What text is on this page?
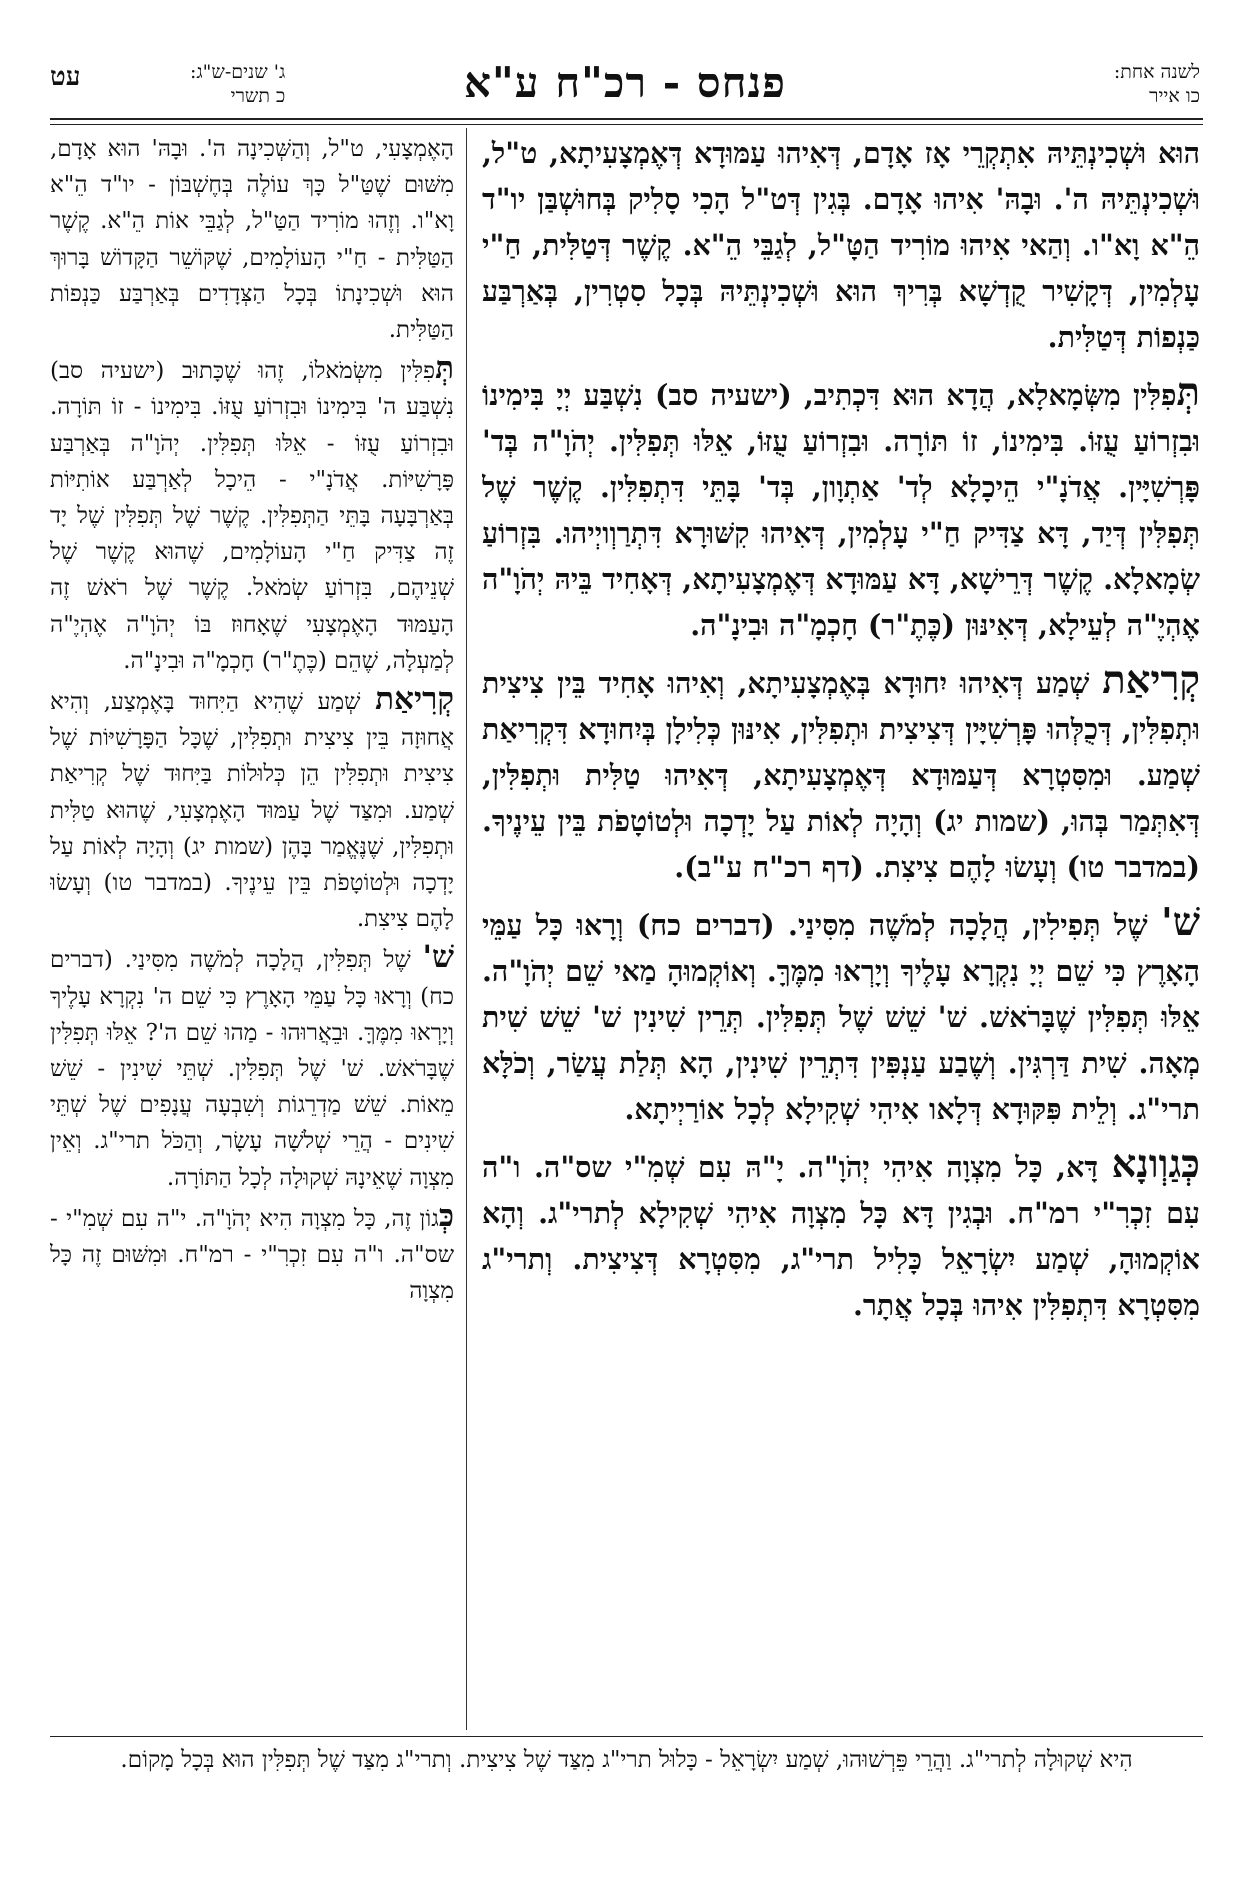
עט	ג' שנים-ש"ג:
כ תשרי	פנחס - רכ"ח ע"א	לשנה אחת:
כו אייר

הוּא וּשְׁכִינְתֵּיהּ אִתְקְרֵי אָז אָדָם, דְּאִיהוּ עַמּוּדָא דְּאֶמְצָעִיתָא, ט"ל, וּשְׁכִינְתֵּיהּ ה'. וּבָהּ' אִיהוּ אָדָם. בְּגִין דְּט"ל הָכִי סָלִיק בְּחוּשְׁבַּן יו"ד הֵ"א וָא"ו. וְהַאי אִיהוּ מוֹרִיד הַטָּ"ל, לְגַבֵּי הֵ"א. קֶשֶׁר דְּטַלִּית, חַ"י עָלְמִין, דְּקָשִׁיר קֻדְשָׁא בְּרִיךְ הוּא וּשְׁכִינְתֵּיהּ בְּכָל סִטְרִין, בְּאַרְבַּע כַּנְפוֹת דְּטַלִּית.

תְּפִלִּין מִשְּׂמָאלָא, הֲדָא הוּא דִּכְתִיב, (ישעיה סב) נִשְׁבַּע יְיָ בִּימִינוֹ וּבִזְרוֹעַ עֻזּוֹ. בִּימִינוֹ, זוֹ תּוֹרָה. וּבִזְרוֹעַ עֻזּוֹ, אֵלּוּ תְּפִלִּין. יְהֹוָ"ה בְּד' פָּרְשִׁיָּין. אֲדֹנָ"י הֵיכָלָא לְד' אַתְוָון, בְּד' בָּתֵּי דִּתְפִלִּין. קֶשֶׁר שֶׁל תְּפִלִּין דְּיַד, דָּא צַדִּיק חַ"י עָלְמִין, דְּאִיהוּ קִשּׁוּרָא דִּתְרַוְויְיהוּ. בִּזְרוֹעַ שְׂמָאלָא. קֶשֶׁר דְּרֵישָׁא, דָּא עַמּוּדָא דְּאֶמְצָעִיתָא, דְּאָחִיד בֵּיהּ יְהֹוָ"ה אֶהְיֶ"ה לְעֵילָא, דְּאִינּוּן (כֶּתֶ"ר) חָכְמָ"ה וּבִינָ"ה.

קְרִיאַת שְׁמַע דְּאִיהוּ יִחוּדָא בְּאֶמְצָעִיתָא, וְאִיהוּ אָחִיד בֵּין צִיצִית וּתְפִלִּין, דְּכֻלְּהוּ פָּרְשִׁיָּין דְּצִיצִית וּתְפִלִּין, אִינּוּן כְּלִילָן בְּיִחוּדָא דִּקְרִיאַת שְׁמַע. וּמִסִּטְרָא דְּעַמּוּדָא דְּאֶמְצָעִיתָא, דְּאִיהוּ טַלִּית וּתְפִלִּין, דְּאִתְּמַר בְּהוּ, (שמות יג) וְהָיָה לְאוֹת עַל יָדְכָה וּלְטוֹטָפֹת בֵּין עֵינֶיךָ. (במדבר טו) וְעָשׂוּ לָהֶם צִיצִת. (דף רכ"ח ע"ב).

שׁ' שֶׁל תְּפִילִין, הֲלָכָה לְמֹשֶׁה מִסִּינַי. (דברים כח) וְרָאוּ כָּל עַמֵּי הָאָרֶץ כִּי שֵׁם יְיָ נִקְרָא עָלֶיךָ וְיָרְאוּ מִמֶּךָּ. וְאוֹקְמוּהָ מַאי שֵׁם יְהֹוָ"ה. אֵלּוּ תְּפִלִּין שֶׁבָּרֹאשׁ. שׁ' שֵׁשׁ שֶׁל תְּפִלִּין. תְּרֵין שִׁינִין שׁ' שֵׁשׁ שִׁית מְאָה. שִׁית דַּרְגִּין. וְשֶׁבַע עַנְפִּין דִּתְרֵין שִׁינִין, הָא תְּלַת עֲשַׂר, וְכֹלָּא תרי"ג. וְלֵית פִּקּוּדָא דְּלָאו אִיהִי שְׁקִילָא לְכָל אוֹרַיְיתָא.

כְּגַוְונָא דָּא, כָּל מִצְוָה אִיהִי יְהֹוָ"ה. יָ"הּ עִם שְׁמִ"י שס"ה. ו"ה עִם זִכְרִ"י רמ"ח. וּבְגִין דָּא כָּל מִצְוָה אִיהִי שְׁקִילָא לְתרי"ג. וְהָא אוֹקְמוּהָ, שְׁמַע יִשְׂרָאֵל כָּלִיל תרי"ג, מִסִּטְרָא דְּצִיצִית. וְתרי"ג מִסִּטְרָא דִּתְפִלִּין אִיהוּ בְּכָל אֲתָר.

הָאֶמְצָעִי, ט"ל, וְהַשְּׁכִינָה ה'. וּבָהּ' הוּא אָדָם, מִשּׁוּם שֶׁטַּ"ל כָּךְ עוֹלֶה בְּחֶשְׁבּוֹן - יו"ד הֵ"א וָא"ו. וְזֶהוּ מוֹרִיד הַטַּ"ל, לְגַבֵּי אוֹת הֵ"א. קֶשֶׁר הַטַּלִּית - חַ"י הָעוֹלָמִים, שֶׁקּוֹשֵׁר הַקָּדוֹשׁ בָּרוּךְ הוּא וּשְׁכִינָתוֹ בְּכָל הַצְּדָדִים בְּאַרְבַּע כַּנְפוֹת הַטַּלִּית.

תְּפִלִּין מִשְּׂמֹאלוֹ, זֶהוּ שֶׁכָּתוּב (ישעיה סב) נִשְׁבַּע ה' בִּימִינוֹ וּבִזְרוֹעַ עֻזּוֹ. בִּימִינוֹ - זוֹ תּוֹרָה. וּבִזְרוֹעַ עֻזּוֹ - אֵלּוּ תְּפִלִּין. יְהֹוָ"ה בְּאַרְבַּע פָּרָשִׁיּוֹת. אֲדֹנָ"י - הֵיכָל לְאַרְבַּע אוֹתִיּוֹת בְּאַרְבָּעָה בָּתֵּי הַתְּפִלִּין. קֶשֶׁר שֶׁל תְּפִלִּין שֶׁל יָד זֶה צַדִּיק חַ"י הָעוֹלָמִים, שֶׁהוּא קֶשֶׁר שֶׁל שְׁנֵיהֶם, בִּזְרוֹעַ שְׂמֹאל. קֶשֶׁר שֶׁל רֹאשׁ זֶה הָעַמּוּד הָאֶמְצָעִי שֶׁאָחוּז בּוֹ יְהֹוָ"ה אֶהְיֶ"ה לְמַעְלָה, שֶׁהֵם (כֶּתֶ"ר) חָכְמָ"ה וּבִינָ"ה.

קְרִיאַת שְׁמַע שֶׁהִיא הַיִּחוּד בָּאֶמְצַע, וְהִיא אֲחוּזָה בֵּין צִיצִית וּתְפִלִּין, שֶׁכָּל הַפָּרָשִׁיּוֹת שֶׁל צִיצִית וּתְפִלִּין הֵן כְּלוּלוֹת בַּיִּחוּד שֶׁל קְרִיאַת שְׁמַע. וּמִצַּד שֶׁל עַמּוּד הָאֶמְצָעִי, שֶׁהוּא טַלִּית וּתְפִלִּין, שֶׁנֶּאֱמַר בָּהֶן (שמות יג) וְהָיָה לְאוֹת עַל יָדְכָה וּלְטוֹטָפֹת בֵּין עֵינֶיךָ. (במדבר טו) וְעָשׂוּ לָהֶם צִיצִת.

שׁ' שֶׁל תְּפִלִּין, הֲלָכָה לְמֹשֶׁה מִסִּינַי. (דברים כח) וְרָאוּ כָּל עַמֵּי הָאָרֶץ כִּי שֵׁם ה' נִקְרָא עָלֶיךָ וְיָרְאוּ מִמֶּךָּ. וּבֵאֲרוּהוּ - מַהוּ שֵׁם ה'? אֵלּוּ תְּפִלִּין שֶׁבָּרֹאשׁ. שׁ' שֶׁל תְּפִלִּין. שְׁתֵּי שִׁינִין - שֵׁשׁ מֵאוֹת. שֵׁשׁ מַדְרֵגוֹת וְשִׁבְעָה עֲנָפִים שֶׁל שְׁתֵּי שִׁינִים - הֲרֵי שְׁלֹשָׁה עָשָׂר, וְהַכֹּל תרי"ג. וְאֵין מִצְוָה שֶׁאֵינָהּ שְׁקוּלָה לְכָל הַתּוֹרָה.

כְּגוֹן זֶה, כָּל מִצְוָה הִיא יְהֹוָ"ה. י"ה עִם שְׁמִ"י - שס"ה. ו"ה עִם זִכְרִ"י - רמ"ח. וּמִשּׁוּם זֶה כָּל מִצְוָה

הִיא שְׁקוּלָה לְתרי"ג. וַהֲרֵי פֵּרְשׁוּהוּ, שְׁמַע יִשְׂרָאֵל - כָּלוּל תרי"ג מִצַּד שֶׁל צִיצִית. וְתרי"ג מִצַּד שֶׁל תְּפִלִּין הוּא בְּכָל מָקוֹם.
